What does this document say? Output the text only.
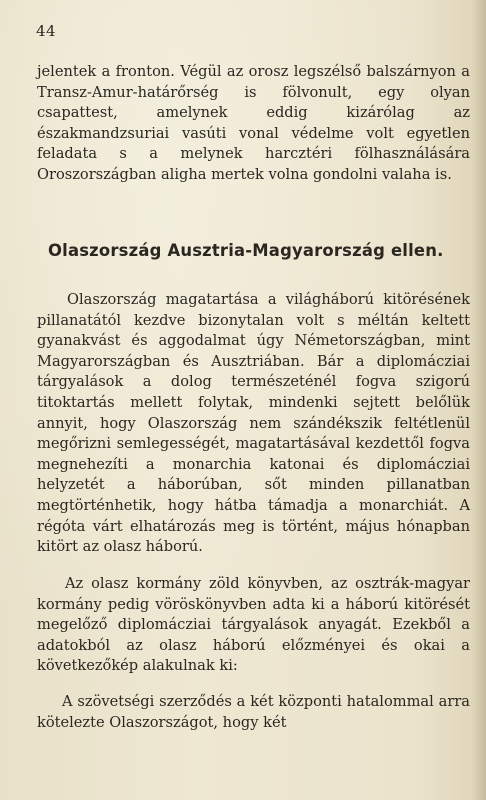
44

jelentek a fronton. Végül az orosz legszélső balszárnyon a Transz-Amur-határőrség is fölvonult, egy olyan csapattest, amelynek eddig kizárólag az északmandzsuriai vasúti vonal védelme volt egyetlen feladata s a melynek harcztéri fölhasználására Oroszországban aligha mertek volna gondolni valaha is.

Olaszország Ausztria-Magyarország ellen.

Olaszország magatartása a világháború kitörésének pillanatától kezdve bizonytalan volt s méltán keltett gyanakvást és aggodalmat úgy Németországban, mint Magyarországban és Ausztriában. Bár a diplomácziai tárgyalások a dolog természeténél fogva szigorú titoktartás mellett folytak, mindenki sejtett belőlük annyit, hogy Olaszország nem szándékszik feltétlenül megőrizni semlegességét, magatartásával kezdettől fogva megnehezíti a monarchia katonai és diplomácziai helyzetét a háborúban, sőt minden pillanatban megtörténhetik, hogy hátba támadja a monarchiát. A régóta várt elhatározás meg is történt, május hónapban kitört az olasz háború.

Az olasz kormány zöld könyvben, az osztrák-magyar kormány pedig vöröskönyvben adta ki a háború kitörését megelőző diplomácziai tárgyalások anyagát. Ezekből a adatokból az olasz háború előzményei és okai a következőkép alakulnak ki:

A szövetségi szerződés a két központi hatalommal arra kötelezte Olaszországot, hogy két
